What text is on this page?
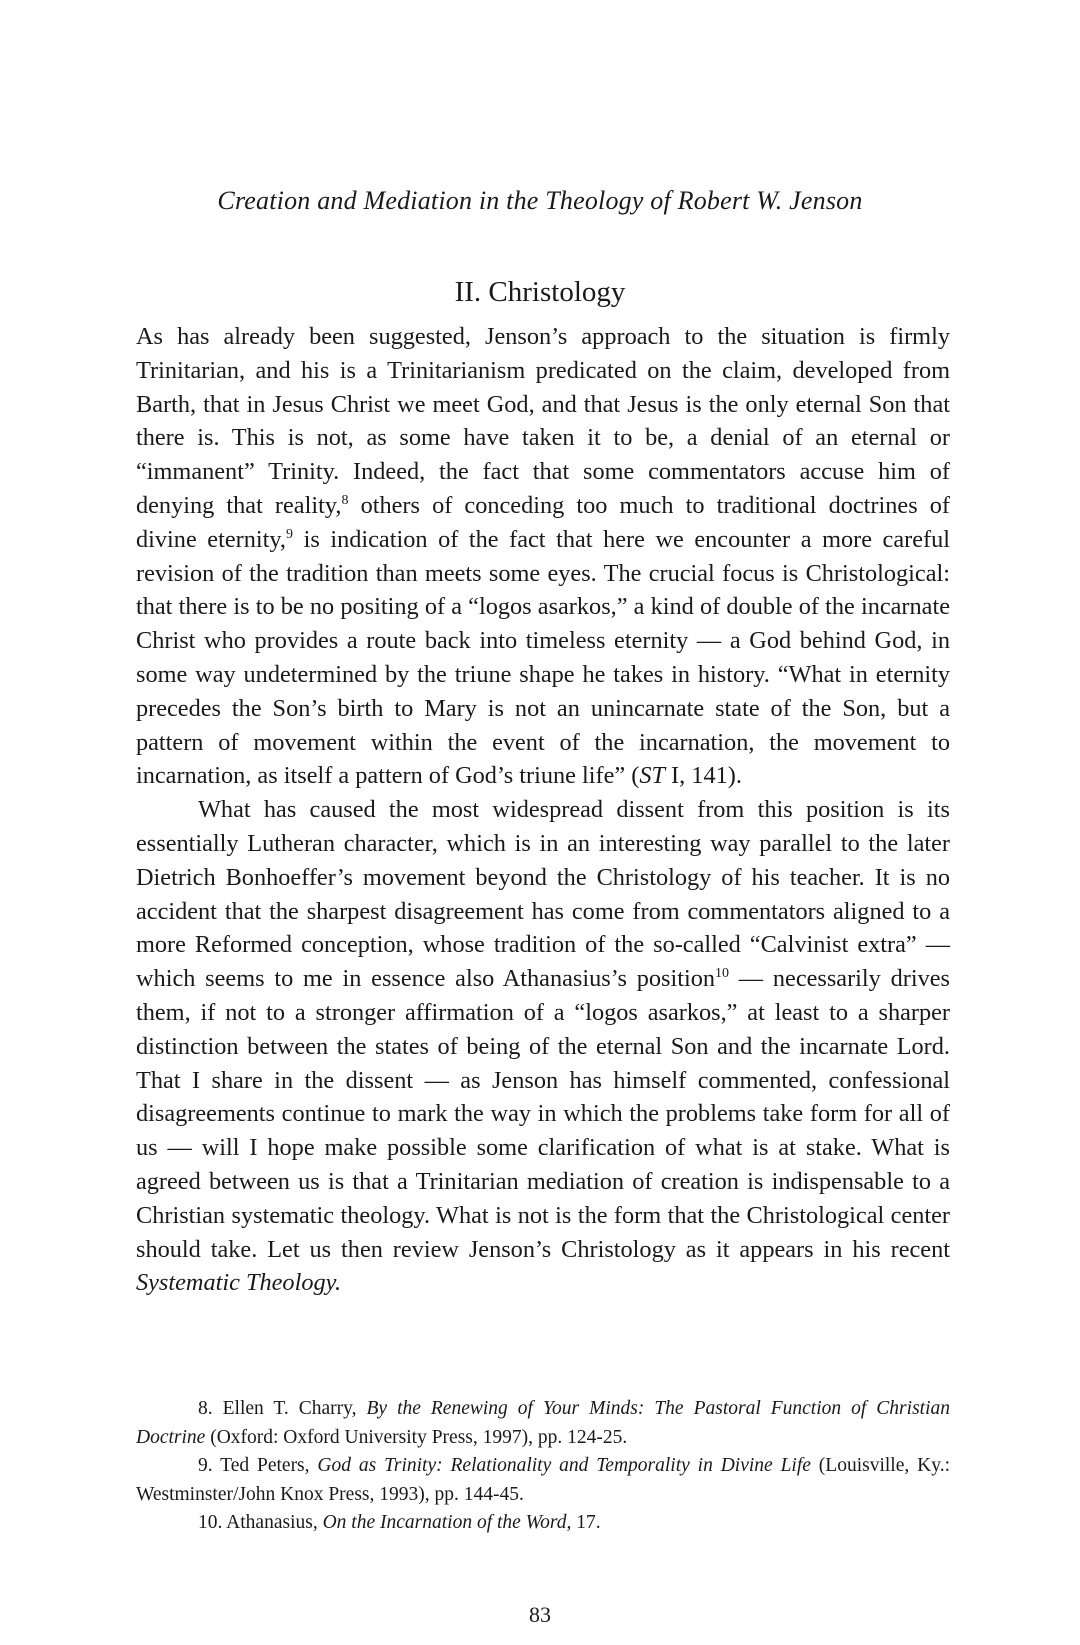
Creation and Mediation in the Theology of Robert W. Jenson
II. Christology

As has already been suggested, Jenson’s approach to the situation is firmly Trinitarian, and his is a Trinitarianism predicated on the claim, developed from Barth, that in Jesus Christ we meet God, and that Jesus is the only eternal Son that there is. This is not, as some have taken it to be, a denial of an eternal or “immanent” Trinity. Indeed, the fact that some commentators accuse him of denying that reality,$^8$ others of conceding too much to traditional doctrines of divine eternity,$^9$ is indication of the fact that here we encounter a more careful revision of the tradition than meets some eyes. The crucial focus is Christological: that there is to be no positing of a “logos asarkos,” a kind of double of the incarnate Christ who provides a route back into timeless eternity — a God behind God, in some way undetermined by the triune shape he takes in history. “What in eternity precedes the Son’s birth to Mary is not an unincarnate state of the Son, but a pattern of movement within the event of the incarnation, the movement to incarnation, as itself a pattern of God’s triune life” (ST I, 141).

What has caused the most widespread dissent from this position is its essentially Lutheran character, which is in an interesting way parallel to the later Dietrich Bonhoeffer’s movement beyond the Christology of his teacher. It is no accident that the sharpest disagreement has come from commentators aligned to a more Reformed conception, whose tradition of the so-called “Calvinist extra” — which seems to me in essence also Athanasius’s position$^{10}$ — necessarily drives them, if not to a stronger affirmation of a “logos asarkos,” at least to a sharper distinction between the states of being of the eternal Son and the incarnate Lord. That I share in the dissent — as Jenson has himself commented, confessional disagreements continue to mark the way in which the problems take form for all of us — will I hope make possible some clarification of what is at stake. What is agreed between us is that a Trinitarian mediation of creation is indispensable to a Christian systematic theology. What is not is the form that the Christological center should take. Let us then review Jenson’s Christology as it appears in his recent Systematic Theology.

8. Ellen T. Charry, By the Renewing of Your Minds: The Pastoral Function of Christian Doctrine (Oxford: Oxford University Press, 1997), pp. 124-25.

9. Ted Peters, God as Trinity: Relationality and Temporality in Divine Life (Louisville, Ky.: Westminster/John Knox Press, 1993), pp. 144-45.

10. Athanasius, On the Incarnation of the Word, 17.

83
